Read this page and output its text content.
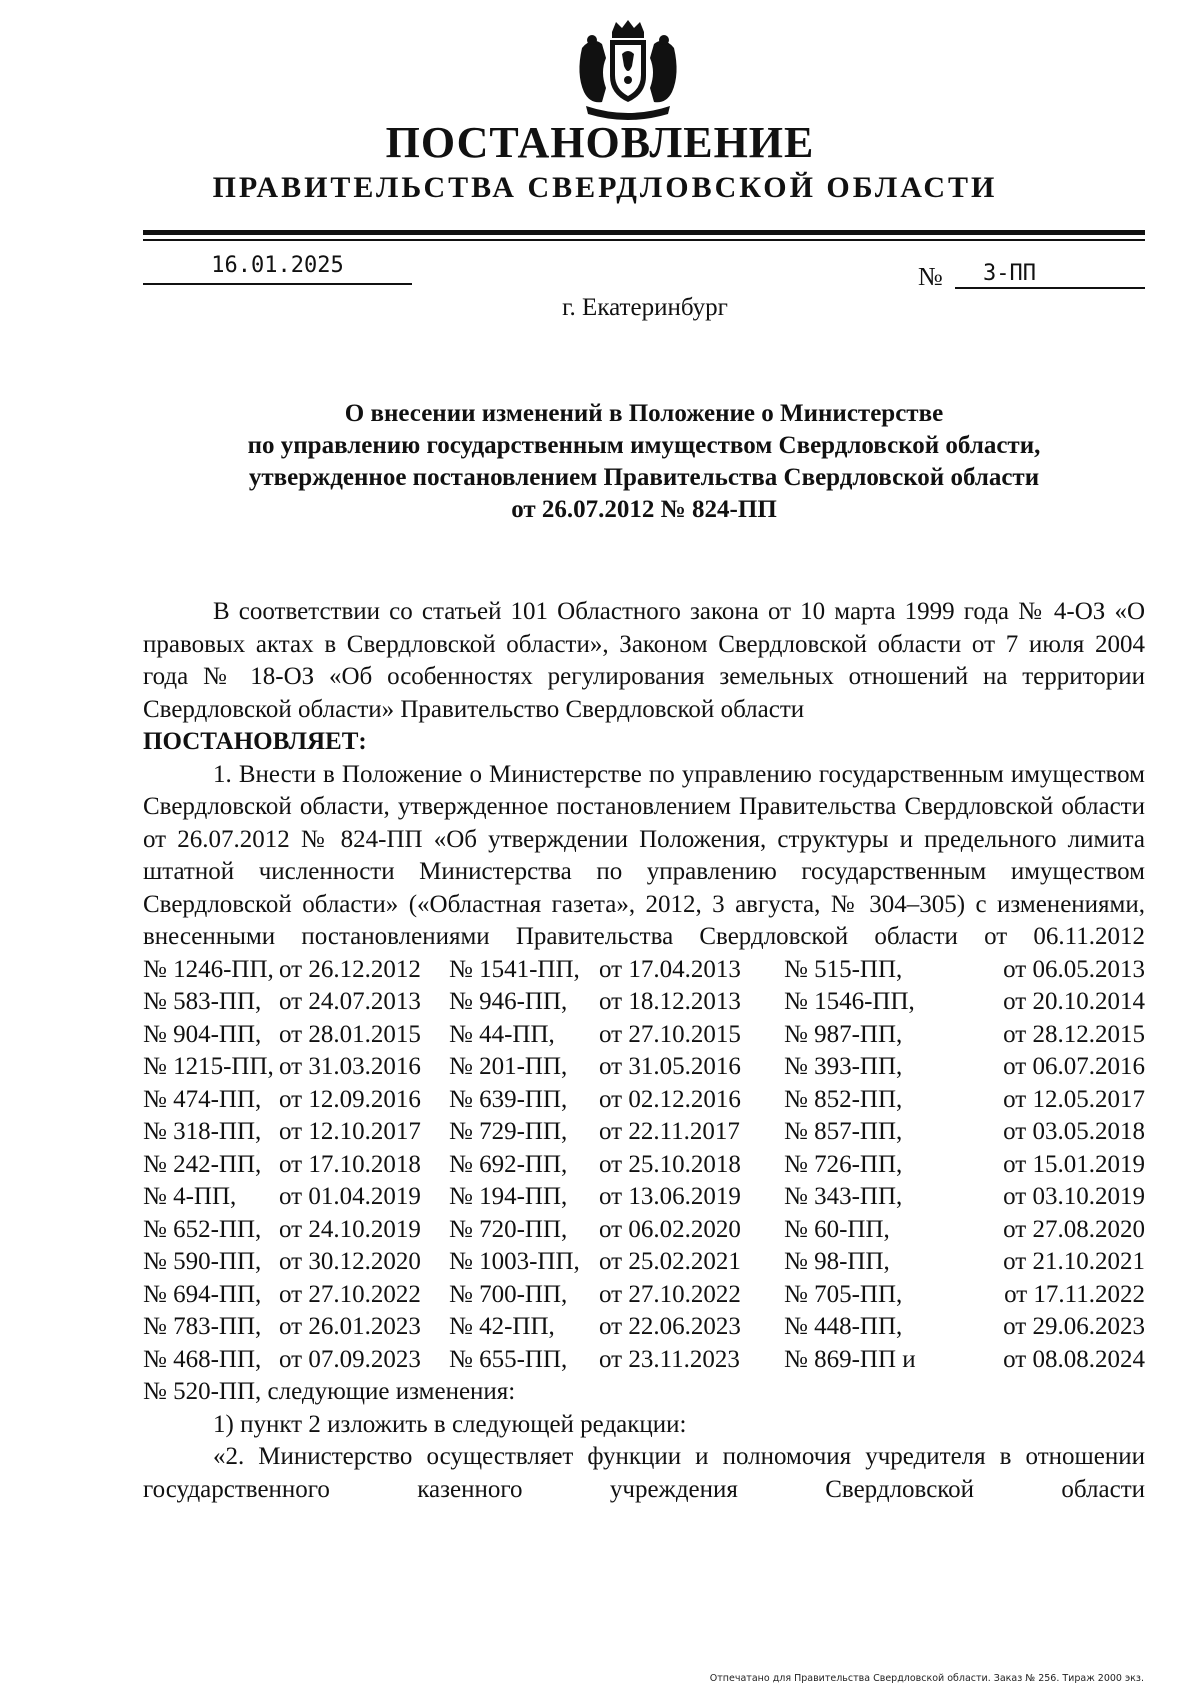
ПОСТАНОВЛЕНИЕ
ПРАВИТЕЛЬСТВА СВЕРДЛОВСКОЙ ОБЛАСТИ
16.01.2025	№	3-ПП
г. Екатеринбург
О внесении изменений в Положение о Министерстве
по управлению государственным имуществом Свердловской области,
утвержденное постановлением Правительства Свердловской области
от 26.07.2012 № 824-ПП

В соответствии со статьей 101 Областного закона от 10 марта 1999 года № 4-ОЗ «О правовых актах в Свердловской области», Законом Свердловской области от 7 июля 2004 года № 18-ОЗ «Об особенностях регулирования земельных отношений на территории Свердловской области» Правительство Свердловской области

ПОСТАНОВЛЯЕТ:

1. Внести в Положение о Министерстве по управлению государственным имуществом Свердловской области, утвержденное постановлением Правительства Свердловской области от 26.07.2012 № 824-ПП «Об утверждении Положения, структуры и предельного лимита штатной численности Министерства по управлению государственным имуществом Свердловской области» («Областная газета», 2012, 3 августа, № 304–305) с изменениями, внесенными постановлениями Правительства Свердловской области от 06.11.2012

№ 1246-ПП,	от 26.12.2012	№ 1541-ПП,	от 17.04.2013	№ 515-ПП,	от 06.05.2013
№ 583-ПП,	от 24.07.2013	№ 946-ПП,	от 18.12.2013	№ 1546-ПП,	от 20.10.2014
№ 904-ПП,	от 28.01.2015	№ 44-ПП,	от 27.10.2015	№ 987-ПП,	от 28.12.2015
№ 1215-ПП,	от 31.03.2016	№ 201-ПП,	от 31.05.2016	№ 393-ПП,	от 06.07.2016
№ 474-ПП,	от 12.09.2016	№ 639-ПП,	от 02.12.2016	№ 852-ПП,	от 12.05.2017
№ 318-ПП,	от 12.10.2017	№ 729-ПП,	от 22.11.2017	№ 857-ПП,	от 03.05.2018
№ 242-ПП,	от 17.10.2018	№ 692-ПП,	от 25.10.2018	№ 726-ПП,	от 15.01.2019
№ 4-ПП,	от 01.04.2019	№ 194-ПП,	от 13.06.2019	№ 343-ПП,	от 03.10.2019
№ 652-ПП,	от 24.10.2019	№ 720-ПП,	от 06.02.2020	№ 60-ПП,	от 27.08.2020
№ 590-ПП,	от 30.12.2020	№ 1003-ПП,	от 25.02.2021	№ 98-ПП,	от 21.10.2021
№ 694-ПП,	от 27.10.2022	№ 700-ПП,	от 27.10.2022	№ 705-ПП,	от 17.11.2022
№ 783-ПП,	от 26.01.2023	№ 42-ПП,	от 22.06.2023	№ 448-ПП,	от 29.06.2023
№ 468-ПП,	от 07.09.2023	№ 655-ПП,	от 23.11.2023	№ 869-ПП и	от 08.08.2024

№ 520-ПП, следующие изменения:

1) пункт 2 изложить в следующей редакции:

«2. Министерство осуществляет функции и полномочия учредителя в отношении государственного казенного учреждения Свердловской области

Отпечатано для Правительства Свердловской области. Заказ № 256. Тираж 2000 экз.
